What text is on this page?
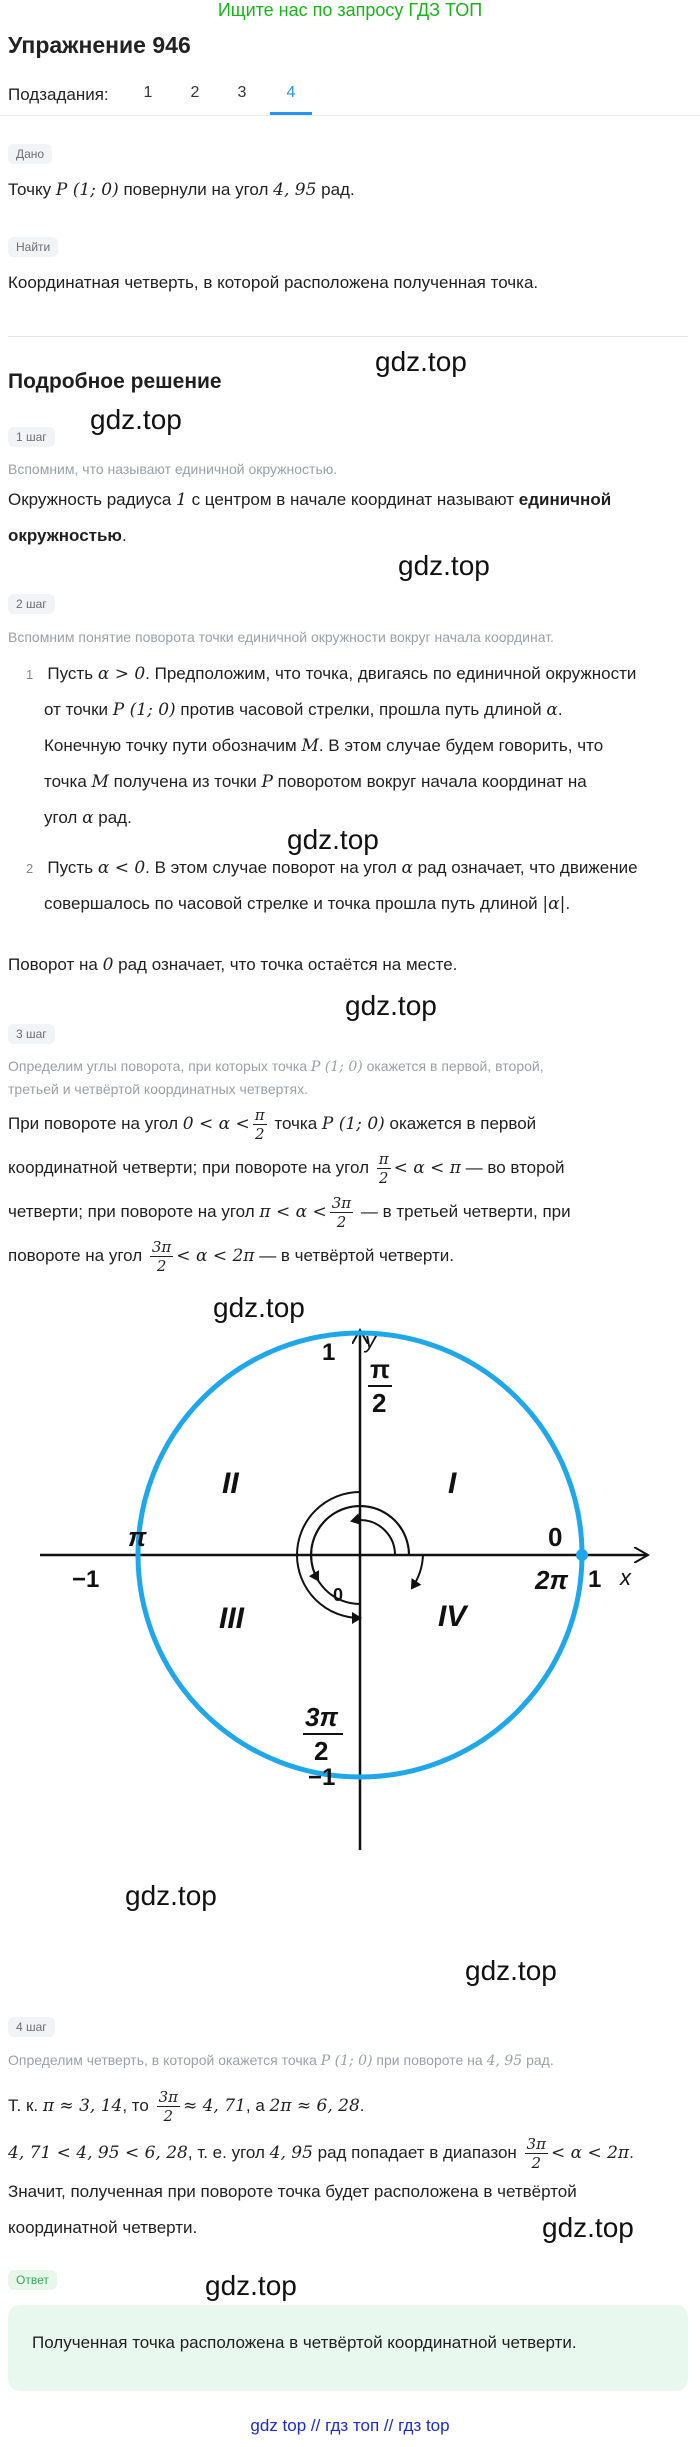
Ищите нас по запросу ГДЗ ТОП
Упражнение 946
Подзадания:	1	2	3	4
Дано
Точку P (1; 0) повернули на угол 4, 95 рад.
Найти
Координатная четверть, в которой расположена полученная точка.
Подробное решение
gdz.top
gdz.top
gdz.top
gdz.top
gdz.top
gdz.top
gdz.top
gdz.top
gdz.top
gdz.top
1 шаг
Вспомним, что называют единичной окружностью.
Окружность радиуса 1 с центром в начале координат называют единичной
окружностью.
2 шаг
Вспомним понятие поворота точки единичной окружности вокруг начала координат.
1 Пусть α > 0. Предположим, что точка, двигаясь по единичной окружности
от точки P (1; 0) против часовой стрелки, прошла путь длиной α.
Конечную точку пути обозначим M. В этом случае будем говорить, что
точка M получена из точки P поворотом вокруг начала координат на
угол α рад.
2 Пусть α < 0. В этом случае поворот на угол α рад означает, что движение
совершалось по часовой стрелке и точка прошла путь длиной |α|.
Поворот на 0 рад означает, что точка остаётся на месте.
3 шаг
Определим углы поворота, при которых точка P (1; 0) окажется в первой, второй,
третьей и четвёртой координатных четвертях.
При повороте на угол $0 < \alpha < \frac{\pi}{2}$ точка P (1; 0) окажется в первой
координатной четверти; при повороте на угол $\frac{\pi}{2} < \alpha < \pi$ — во второй
четверти; при повороте на угол $\pi < \alpha < \frac{3\pi}{2}$ — в третьей четверти, при
повороте на угол $\frac{3\pi}{2} < \alpha < 2\pi$ — в четвёртой четверти.
y
x
1
−1
1
−1
0
π
2
π	0
2π
3π
2
I
II
III	IV
4 шаг
Определим четверть, в которой окажется точка P (1; 0) при повороте на 4, 95 рад.
Т. к. π ≈ 3, 14, то $\frac{3\pi}{2} \approx 4$, 71, а 2π ≈ 6, 28.
4, 71 < 4, 95 < 6, 28, т. е. угол 4, 95 рад попадает в диапазон $\frac{3\pi}{2} < \alpha < 2\pi$.
Значит, полученная при повороте точка будет расположена в четвёртой
координатной четверти.
Ответ
Полученная точка расположена в четвёртой координатной четверти.
gdz top // гдз топ // гдз top
